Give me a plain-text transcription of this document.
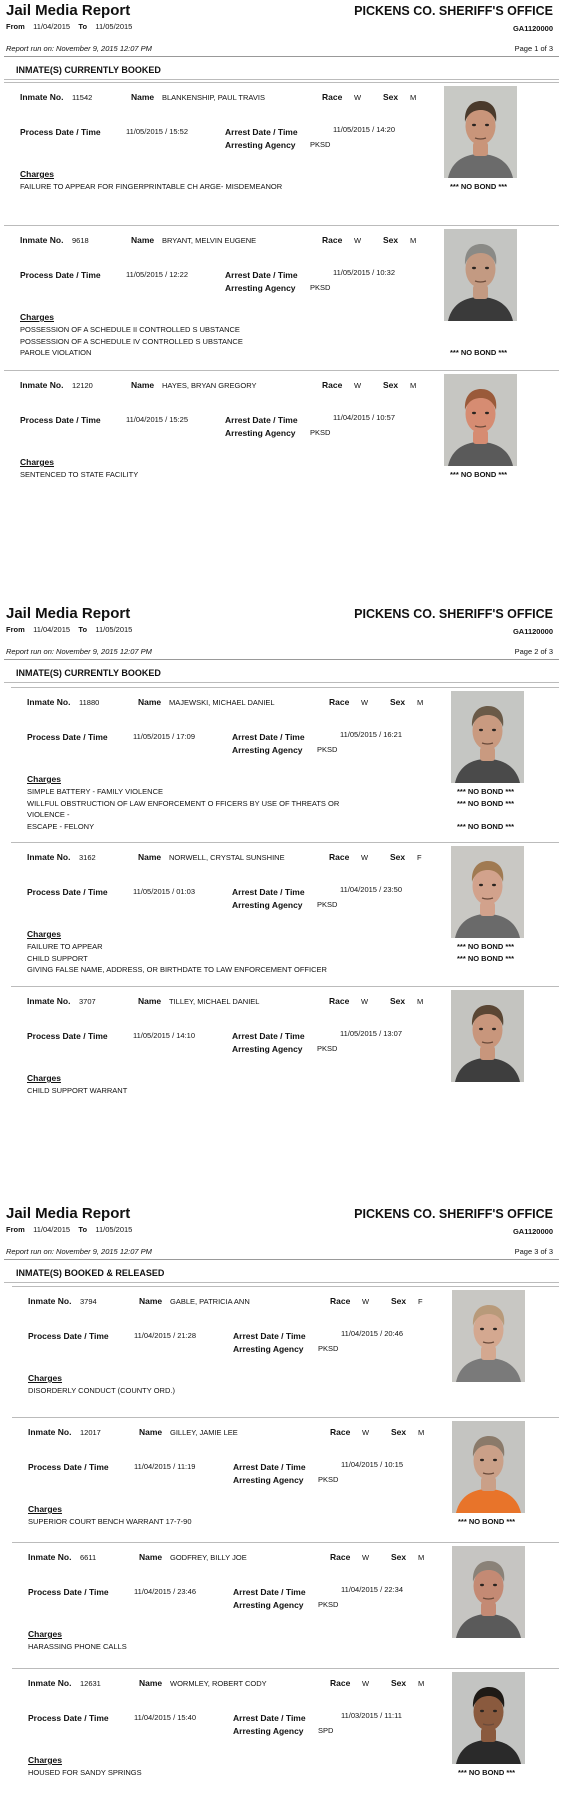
Jail Media Report
From 11/04/2015 To 11/05/2015
PICKENS CO. SHERIFF'S OFFICE
GA1120000
Report run on: November 9, 2015 12:07 PM	Page 1 of 3
INMATE(S) CURRENTLY BOOKED
Inmate No. 11542	Name BLANKENSHIP, PAUL TRAVIS	Race W	Sex M
Process Date / Time	11/05/2015 / 15:52	Arrest Date / Time	11/05/2015 / 14:20
Arresting Agency PKSD
Charges
FAILURE TO APPEAR FOR FINGERPRINTABLE CH ARGE- MISDEMEANOR	*** NO BOND ***
Inmate No. 9618	Name BRYANT, MELVIN EUGENE	Race W	Sex M
Process Date / Time	11/05/2015 / 12:22	Arrest Date / Time	11/05/2015 / 10:32
Arresting Agency PKSD
Charges
POSSESSION OF A SCHEDULE II CONTROLLED S UBSTANCE
POSSESSION OF A SCHEDULE IV CONTROLLED S UBSTANCE
PAROLE VIOLATION	*** NO BOND ***
Inmate No. 12120	Name HAYES, BRYAN GREGORY	Race W	Sex M
Process Date / Time	11/04/2015 / 15:25	Arrest Date / Time	11/04/2015 / 10:57
Arresting Agency PKSD
Charges
SENTENCED TO STATE FACILITY	*** NO BOND ***
Jail Media Report
From 11/04/2015 To 11/05/2015
PICKENS CO. SHERIFF'S OFFICE
GA1120000
Report run on: November 9, 2015 12:07 PM	Page 2 of 3
INMATE(S) CURRENTLY BOOKED
Inmate No. 11880	Name MAJEWSKI, MICHAEL DANIEL	Race W	Sex M
Process Date / Time	11/05/2015 / 17:09	Arrest Date / Time	11/05/2015 / 16:21
Arresting Agency PKSD
Charges
SIMPLE BATTERY - FAMILY VIOLENCE
WILLFUL OBSTRUCTION OF LAW ENFORCEMENT O FFICERS BY USE OF THREATS OR
VIOLENCE -
ESCAPE - FELONY
*** NO BOND ***
*** NO BOND ***
*** NO BOND ***
Inmate No. 3162	Name NORWELL, CRYSTAL SUNSHINE	Race W	Sex F
Process Date / Time	11/05/2015 / 01:03	Arrest Date / Time	11/04/2015 / 23:50
Arresting Agency PKSD
Charges
FAILURE TO APPEAR
CHILD SUPPORT
GIVING FALSE NAME, ADDRESS, OR BIRTHDATE TO LAW ENFORCEMENT OFFICER
*** NO BOND ***
*** NO BOND ***
Inmate No. 3707	Name TILLEY, MICHAEL DANIEL	Race W	Sex M
Process Date / Time	11/05/2015 / 14:10	Arrest Date / Time	11/05/2015 / 13:07
Arresting Agency PKSD
Charges
CHILD SUPPORT WARRANT
Jail Media Report
From 11/04/2015 To 11/05/2015
PICKENS CO. SHERIFF'S OFFICE
GA1120000
Report run on: November 9, 2015 12:07 PM	Page 3 of 3
INMATE(S) BOOKED & RELEASED
Inmate No. 3794	Name GABLE, PATRICIA ANN	Race W	Sex F
Process Date / Time	11/04/2015 / 21:28	Arrest Date / Time	11/04/2015 / 20:46
Arresting Agency PKSD
Charges
DISORDERLY CONDUCT (COUNTY ORD.)
Inmate No. 12017	Name GILLEY, JAMIE LEE	Race W	Sex M
Process Date / Time	11/04/2015 / 11:19	Arrest Date / Time	11/04/2015 / 10:15
Arresting Agency PKSD
Charges
SUPERIOR COURT BENCH WARRANT 17-7-90	*** NO BOND ***
Inmate No. 6611	Name GODFREY, BILLY JOE	Race W	Sex M
Process Date / Time	11/04/2015 / 23:46	Arrest Date / Time	11/04/2015 / 22:34
Arresting Agency PKSD
Charges
HARASSING PHONE CALLS
Inmate No. 12631	Name WORMLEY, ROBERT CODY	Race W	Sex M
Process Date / Time	11/04/2015 / 15:40	Arrest Date / Time	11/03/2015 / 11:11
Arresting Agency SPD
Charges
HOUSED FOR SANDY SPRINGS	*** NO BOND ***
